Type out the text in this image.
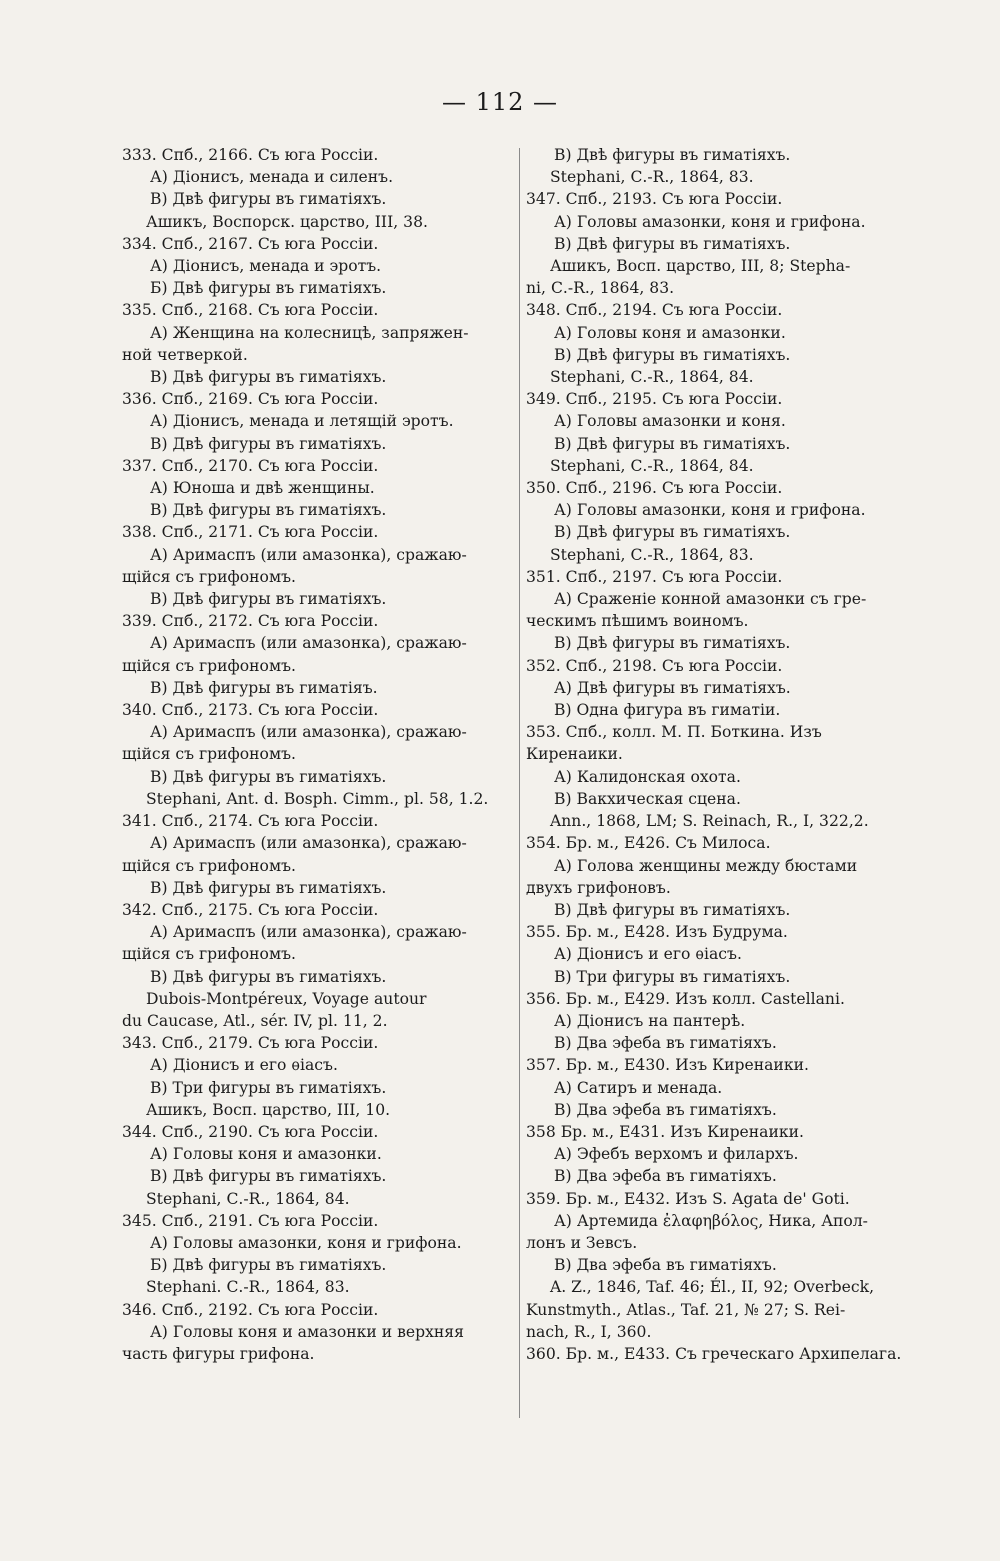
— 112 —
333. Спб., 2166. Съ юга Россiи.
А) Дiонисъ, менада и силенъ.
В) Двѣ фигуры въ гиматiяхъ.
Ашикъ, Воспорск. царство, III, 38.
334. Спб., 2167. Съ юга Россiи.
А) Дiонисъ, менада и эротъ.
Б) Двѣ фигуры въ гиматiяхъ.
335. Спб., 2168. Съ юга Россiи.
А) Женщина на колесницѣ, запряжен-
ной четверкой.
В) Двѣ фигуры въ гиматiяхъ.
336. Спб., 2169. Съ юга Россiи.
А) Дiонисъ, менада и летящiй эротъ.
В) Двѣ фигуры въ гиматiяхъ.
337. Спб., 2170. Съ юга Россiи.
А) Юноша и двѣ женщины.
В) Двѣ фигуры въ гиматiяхъ.
338. Спб., 2171. Съ юга Россiи.
А) Аримаспъ (или амазонка), сражаю-
щiйся съ грифономъ.
В) Двѣ фигуры въ гиматiяхъ.
339. Спб., 2172. Съ юга Россiи.
А) Аримаспъ (или амазонка), сражаю-
щiйся съ грифономъ.
В) Двѣ фигуры въ гиматiяъ.
340. Спб., 2173. Съ юга Россiи.
А) Аримаспъ (или амазонка), сражаю-
щiйся съ грифономъ.
В) Двѣ фигуры въ гиматiяхъ.
Stephani, Ant. d. Bosph. Cimm., pl. 58, 1.2.
341. Спб., 2174. Съ юга Россiи.
А) Аримаспъ (или амазонка), сражаю-
щiйся съ грифономъ.
В) Двѣ фигуры въ гиматiяхъ.
342. Спб., 2175. Съ юга Россiи.
А) Аримаспъ (или амазонка), сражаю-
щiйся съ грифономъ.
В) Двѣ фигуры въ гиматiяхъ.
Dubois-Montpéreux, Voyage autour
du Caucase, Atl., sér. IV, pl. 11, 2.
343. Спб., 2179. Съ юга Россiи.
А) Дiонисъ и его ѳiасъ.
В) Три фигуры въ гиматiяхъ.
Ашикъ, Восп. царство, III, 10.
344. Спб., 2190. Съ юга Россiи.
А) Головы коня и амазонки.
В) Двѣ фигуры въ гиматiяхъ.
Stephani, С.-R., 1864, 84.
345. Спб., 2191. Съ юга Россiи.
А) Головы амазонки, коня и грифона.
Б) Двѣ фигуры въ гиматiяхъ.
Stephani. С.-R., 1864, 83.
346. Спб., 2192. Съ юга Россiи.
А) Головы коня и амазонки и верхняя
часть фигуры грифона.
В) Двѣ фигуры въ гиматiяхъ.
Stephani, С.-R., 1864, 83.
347. Спб., 2193. Съ юга Россiи.
А) Головы амазонки, коня и грифона.
В) Двѣ фигуры въ гиматiяхъ.
Ашикъ, Восп. царство, III, 8; Stepha-
ni, С.-R., 1864, 83.
348. Спб., 2194. Съ юга Россiи.
А) Головы коня и амазонки.
В) Двѣ фигуры въ гиматiяхъ.
Stephani, С.-R., 1864, 84.
349. Спб., 2195. Съ юга Россiи.
А) Головы амазонки и коня.
В) Двѣ фигуры въ гиматiяхъ.
Stephani, С.-R., 1864, 84.
350. Спб., 2196. Съ юга Россiи.
А) Головы амазонки, коня и грифона.
В) Двѣ фигуры въ гиматiяхъ.
Stephani, С.-R., 1864, 83.
351. Спб., 2197. Съ юга Россiи.
А) Сраженiе конной амазонки съ гре-
ческимъ пѣшимъ воиномъ.
В) Двѣ фигуры въ гиматiяхъ.
352. Спб., 2198. Съ юга Россiи.
А) Двѣ фигуры въ гиматiяхъ.
В) Одна фигура въ гиматiи.
353. Спб., колл. М. П. Боткина. Изъ
Киренаики.
А) Калидонская охота.
В) Вакхическая сцена.
Ann., 1868, LM; S. Reinach, R., I, 322,2.
354. Бр. м., Е426. Съ Милоса.
А) Голова женщины между бюстами
двухъ грифоновъ.
В) Двѣ фигуры въ гиматiяхъ.
355. Бр. м., Е428. Изъ Будрума.
А) Дiонисъ и его ѳiасъ.
В) Три фигуры въ гиматiяхъ.
356. Бр. м., Е429. Изъ колл. Castellani.
А) Дiонисъ на пантерѣ.
В) Два эфеба въ гиматiяхъ.
357. Бр. м., Е430. Изъ Киренаики.
А) Сатиръ и менада.
В) Два эфеба въ гиматiяхъ.
358 Бр. м., Е431. Изъ Киренаики.
А) Эфебъ верхомъ и филархъ.
В) Два эфеба въ гиматiяхъ.
359. Бр. м., Е432. Изъ S. Agata de' Goti.
А) Артемида ἐλαφηβόλος, Ника, Апол-
лонъ и Зевсъ.
В) Два эфеба въ гиматiяхъ.
A. Z., 1846, Taf. 46; Él., II, 92; Overbeck,
Kunstmyth., Atlas., Taf. 21, № 27; S. Rei-
nach, R., I, 360.
360. Бр. м., Е433. Съ греческаго Архипелага.
